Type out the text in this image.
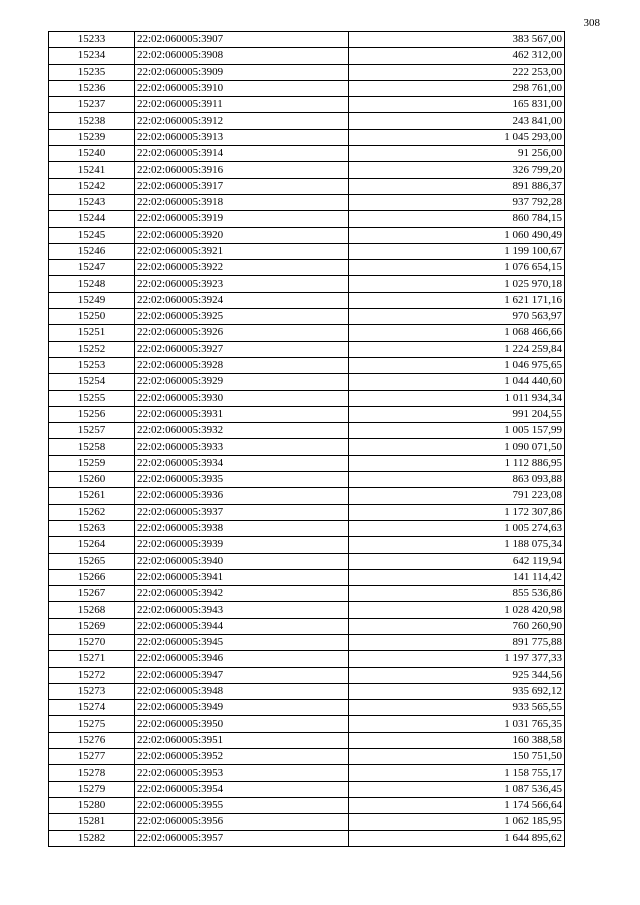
308
15233	22:02:060005:3907	383 567,00
15234	22:02:060005:3908	462 312,00
15235	22:02:060005:3909	222 253,00
15236	22:02:060005:3910	298 761,00
15237	22:02:060005:3911	165 831,00
15238	22:02:060005:3912	243 841,00
15239	22:02:060005:3913	1 045 293,00
15240	22:02:060005:3914	91 256,00
15241	22:02:060005:3916	326 799,20
15242	22:02:060005:3917	891 886,37
15243	22:02:060005:3918	937 792,28
15244	22:02:060005:3919	860 784,15
15245	22:02:060005:3920	1 060 490,49
15246	22:02:060005:3921	1 199 100,67
15247	22:02:060005:3922	1 076 654,15
15248	22:02:060005:3923	1 025 970,18
15249	22:02:060005:3924	1 621 171,16
15250	22:02:060005:3925	970 563,97
15251	22:02:060005:3926	1 068 466,66
15252	22:02:060005:3927	1 224 259,84
15253	22:02:060005:3928	1 046 975,65
15254	22:02:060005:3929	1 044 440,60
15255	22:02:060005:3930	1 011 934,34
15256	22:02:060005:3931	991 204,55
15257	22:02:060005:3932	1 005 157,99
15258	22:02:060005:3933	1 090 071,50
15259	22:02:060005:3934	1 112 886,95
15260	22:02:060005:3935	863 093,88
15261	22:02:060005:3936	791 223,08
15262	22:02:060005:3937	1 172 307,86
15263	22:02:060005:3938	1 005 274,63
15264	22:02:060005:3939	1 188 075,34
15265	22:02:060005:3940	642 119,94
15266	22:02:060005:3941	141 114,42
15267	22:02:060005:3942	855 536,86
15268	22:02:060005:3943	1 028 420,98
15269	22:02:060005:3944	760 260,90
15270	22:02:060005:3945	891 775,88
15271	22:02:060005:3946	1 197 377,33
15272	22:02:060005:3947	925 344,56
15273	22:02:060005:3948	935 692,12
15274	22:02:060005:3949	933 565,55
15275	22:02:060005:3950	1 031 765,35
15276	22:02:060005:3951	160 388,58
15277	22:02:060005:3952	150 751,50
15278	22:02:060005:3953	1 158 755,17
15279	22:02:060005:3954	1 087 536,45
15280	22:02:060005:3955	1 174 566,64
15281	22:02:060005:3956	1 062 185,95
15282	22:02:060005:3957	1 644 895,62
